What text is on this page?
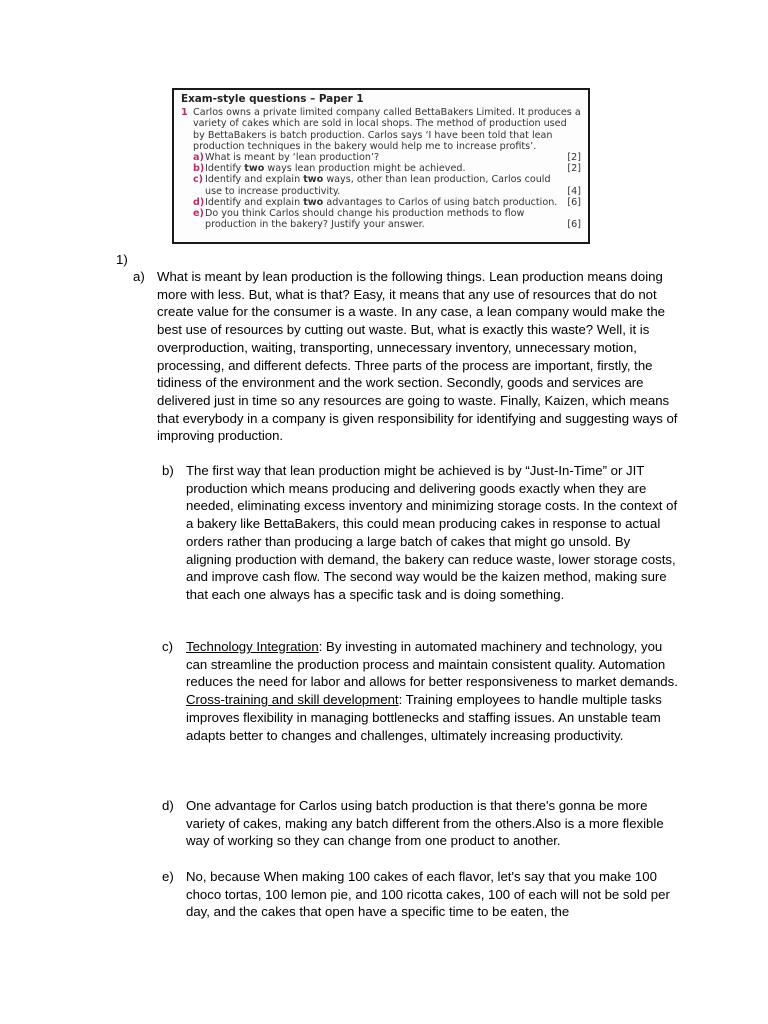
Exam-style questions – Paper 1
1 Carlos owns a private limited company called BettaBakers Limited. It produces a variety of cakes which are sold in local shops. The method of production used by BettaBakers is batch production. Carlos says ‘I have been told that lean production techniques in the bakery would help me to increase profits’.
a) What is meant by ‘lean production’?	[2]
b) Identify two ways lean production might be achieved.	[2]
c) Identify and explain two ways, other than lean production, Carlos could use to increase productivity.	[4]
d) Identify and explain two advantages to Carlos of using batch production.	[6]
e) Do you think Carlos should change his production methods to flow production in the bakery? Justify your answer.	[6]
1)
a) What is meant by lean production is the following things. Lean production means doing more with less. But, what is that? Easy, it means that any use of resources that do not create value for the consumer is a waste. In any case, a lean company would make the best use of resources by cutting out waste. But, what is exactly this waste? Well, it is overproduction, waiting, transporting, unnecessary inventory, unnecessary motion, processing, and different defects. Three parts of the process are important, firstly, the tidiness of the environment and the work section. Secondly, goods and services are delivered just in time so any resources are going to waste. Finally, Kaizen, which means that everybody in a company is given responsibility for identifying and suggesting ways of improving production.

b) The first way that lean production might be achieved is by “Just-In-Time” or JIT production which means producing and delivering goods exactly when they are needed, eliminating excess inventory and minimizing storage costs. In the context of a bakery like BettaBakers, this could mean producing cakes in response to actual orders rather than producing a large batch of cakes that might go unsold. By aligning production with demand, the bakery can reduce waste, lower storage costs, and improve cash flow. The second way would be the kaizen method, making sure that each one always has a specific task and is doing something.

c) Technology Integration: By investing in automated machinery and technology, you can streamline the production process and maintain consistent quality. Automation reduces the need for labor and allows for better responsiveness to market demands.

Cross-training and skill development: Training employees to handle multiple tasks improves flexibility in managing bottlenecks and staffing issues. An unstable team adapts better to changes and challenges, ultimately increasing productivity.

d) One advantage for Carlos using batch production is that there's gonna be more variety of cakes, making any batch different from the others.Also is a more flexible way of working so they can change from one product to another.

e) No, because When making 100 cakes of each flavor, let's say that you make 100 choco tortas, 100 lemon pie, and 100 ricotta cakes, 100 of each will not be sold per day, and the cakes that open have a specific time to be eaten, the
